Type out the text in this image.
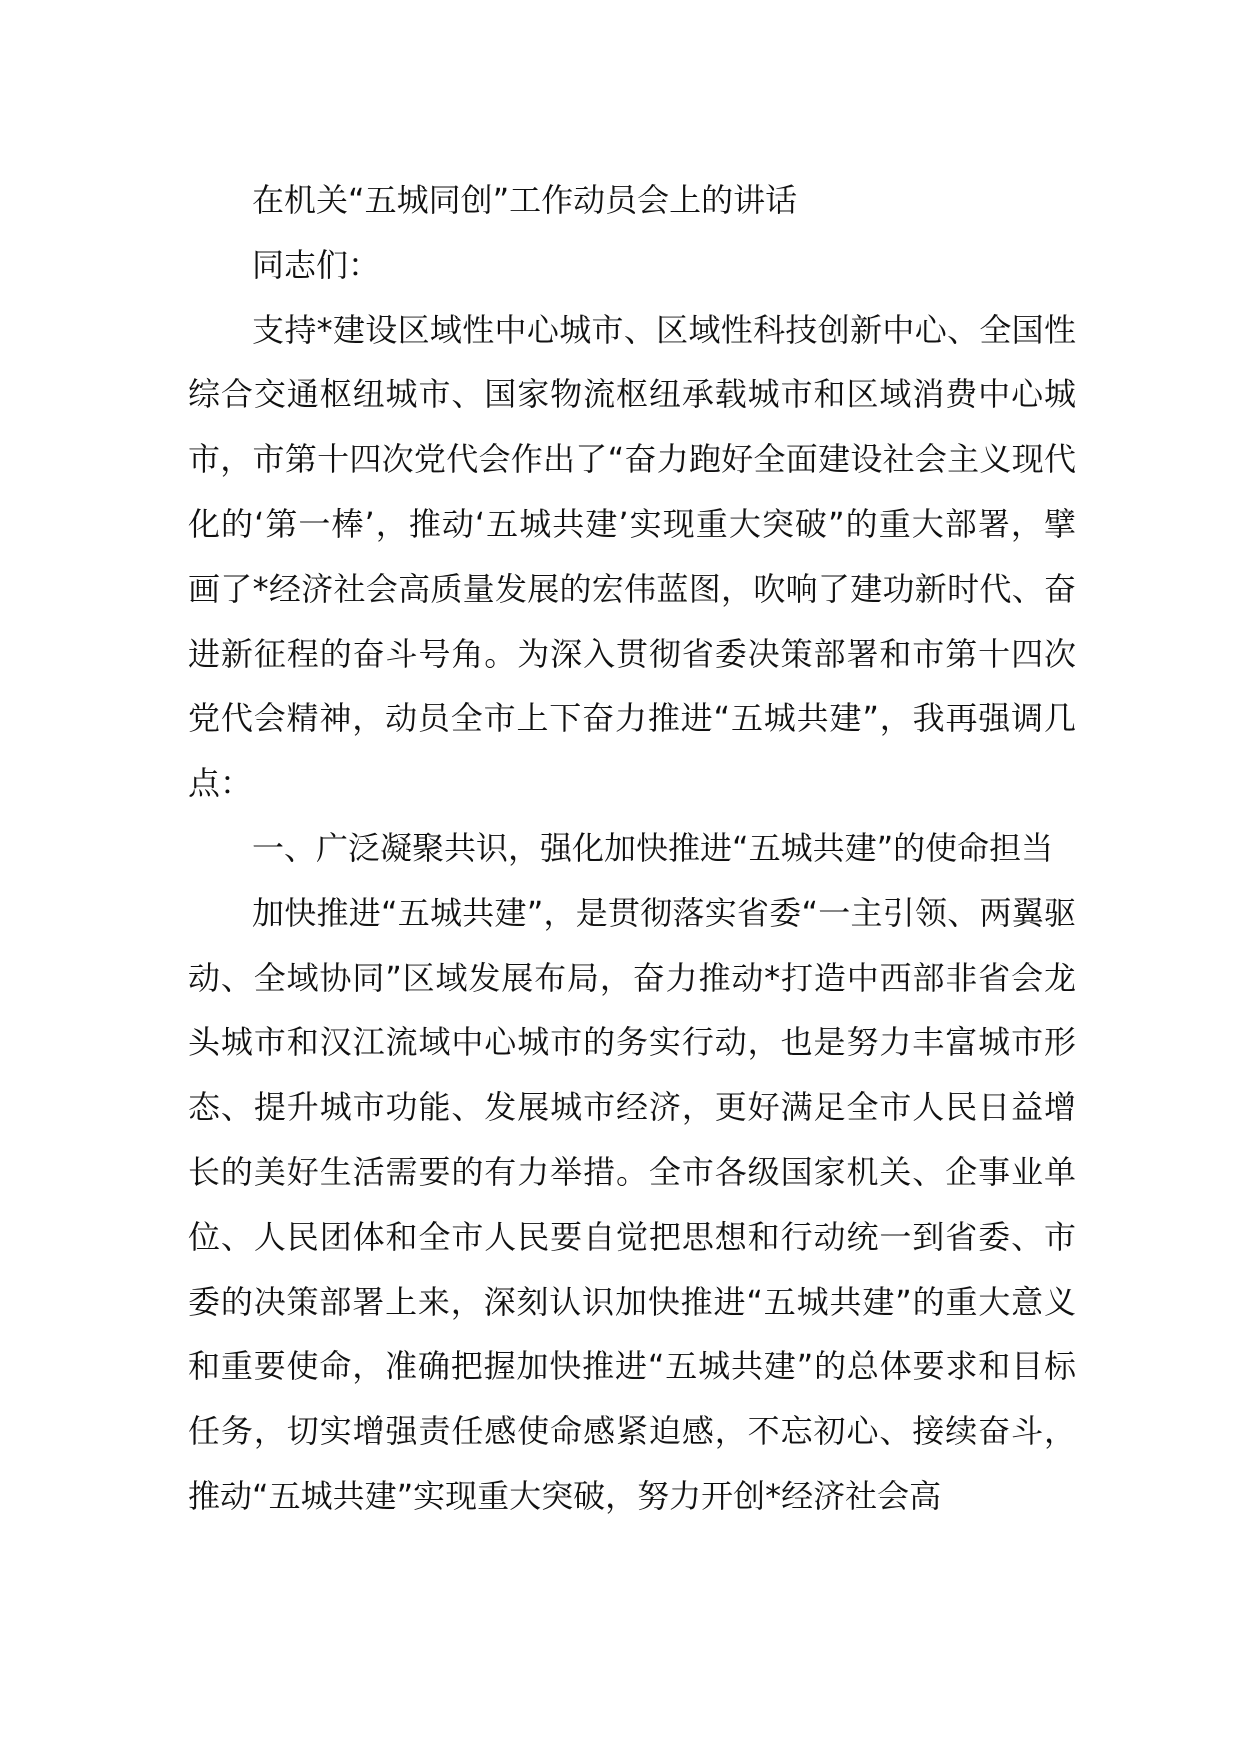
在机关“五城同创”工作动员会上的讲话

同志们：

支持*建设区域性中心城市、区域性科技创新中心、全国性综合交通枢纽城市、国家物流枢纽承载城市和区域消费中心城市，市第十四次党代会作出了“奋力跑好全面建设社会主义现代化的‘第一棒’，推动‘五城共建’实现重大突破”的重大部署，擘画了*经济社会高质量发展的宏伟蓝图，吹响了建功新时代、奋进新征程的奋斗号角。为深入贯彻省委决策部署和市第十四次党代会精神，动员全市上下奋力推进“五城共建”，我再强调几点：

一、广泛凝聚共识，强化加快推进“五城共建”的使命担当

加快推进“五城共建”，是贯彻落实省委“一主引领、两翼驱动、全域协同”区域发展布局，奋力推动*打造中西部非省会龙头城市和汉江流域中心城市的务实行动，也是努力丰富城市形态、提升城市功能、发展城市经济，更好满足全市人民日益增长的美好生活需要的有力举措。全市各级国家机关、企事业单位、人民团体和全市人民要自觉把思想和行动统一到省委、市委的决策部署上来，深刻认识加快推进“五城共建”的重大意义和重要使命，准确把握加快推进“五城共建”的总体要求和目标任务，切实增强责任感使命感紧迫感，不忘初心、接续奋斗，推动“五城共建”实现重大突破，努力开创*经济社会高
